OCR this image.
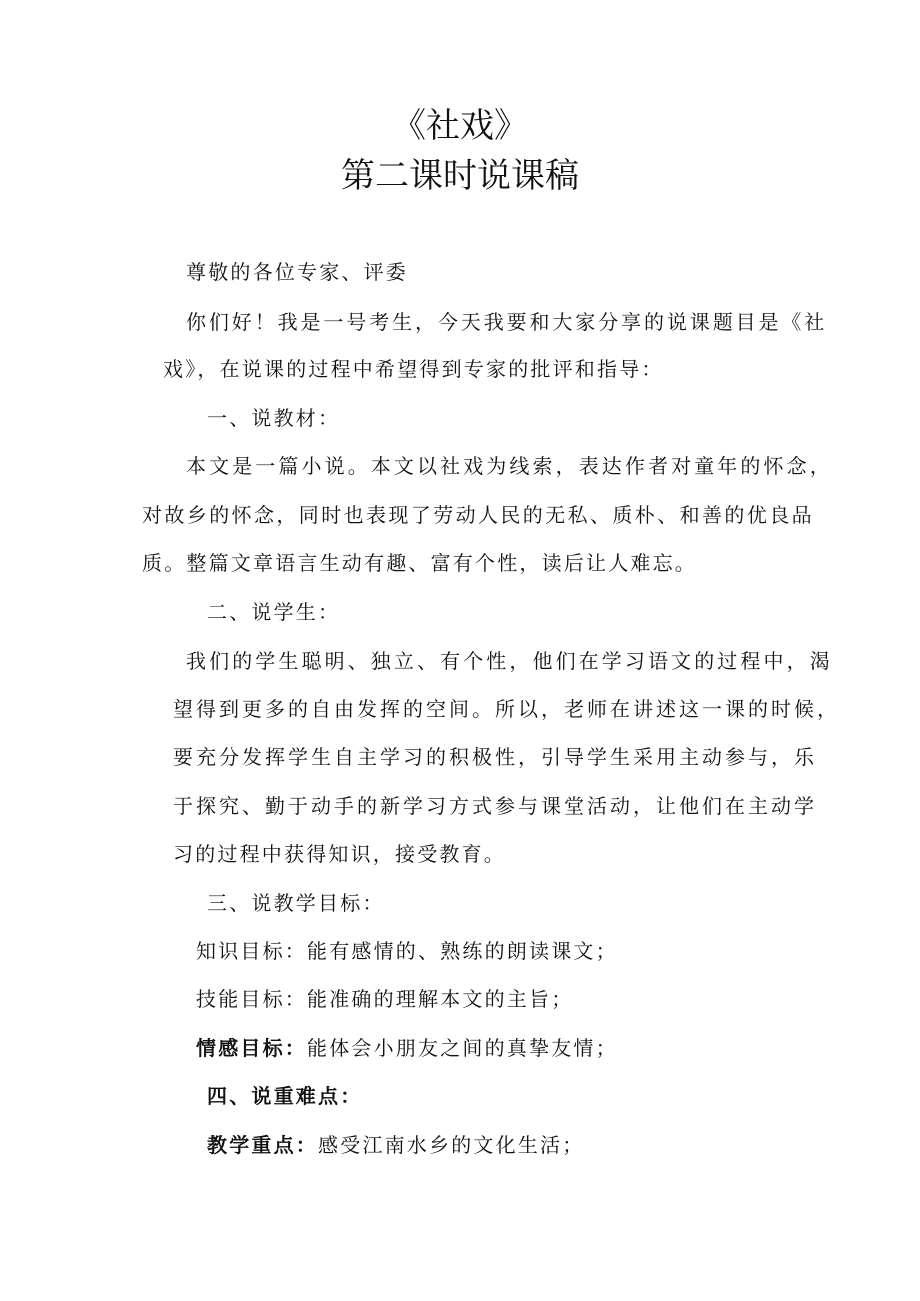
《社戏》
第二课时说课稿
尊敬的各位专家、评委
你们好！我是一号考生，今天我要和大家分享的说课题目是《社
戏》，在说课的过程中希望得到专家的批评和指导：
一、说教材：
本文是一篇小说。本文以社戏为线索，表达作者对童年的怀念，
对故乡的怀念，同时也表现了劳动人民的无私、质朴、和善的优良品
质。整篇文章语言生动有趣、富有个性，读后让人难忘。
二、说学生：
我们的学生聪明、独立、有个性，他们在学习语文的过程中，渴
望得到更多的自由发挥的空间。所以，老师在讲述这一课的时候，
要充分发挥学生自主学习的积极性，引导学生采用主动参与，乐
于探究、勤于动手的新学习方式参与课堂活动，让他们在主动学
习的过程中获得知识，接受教育。
三、说教学目标：
知识目标：能有感情的、熟练的朗读课文；
技能目标：能准确的理解本文的主旨；
情感目标：能体会小朋友之间的真挚友情；
四、说重难点：
教学重点：感受江南水乡的文化生活；
